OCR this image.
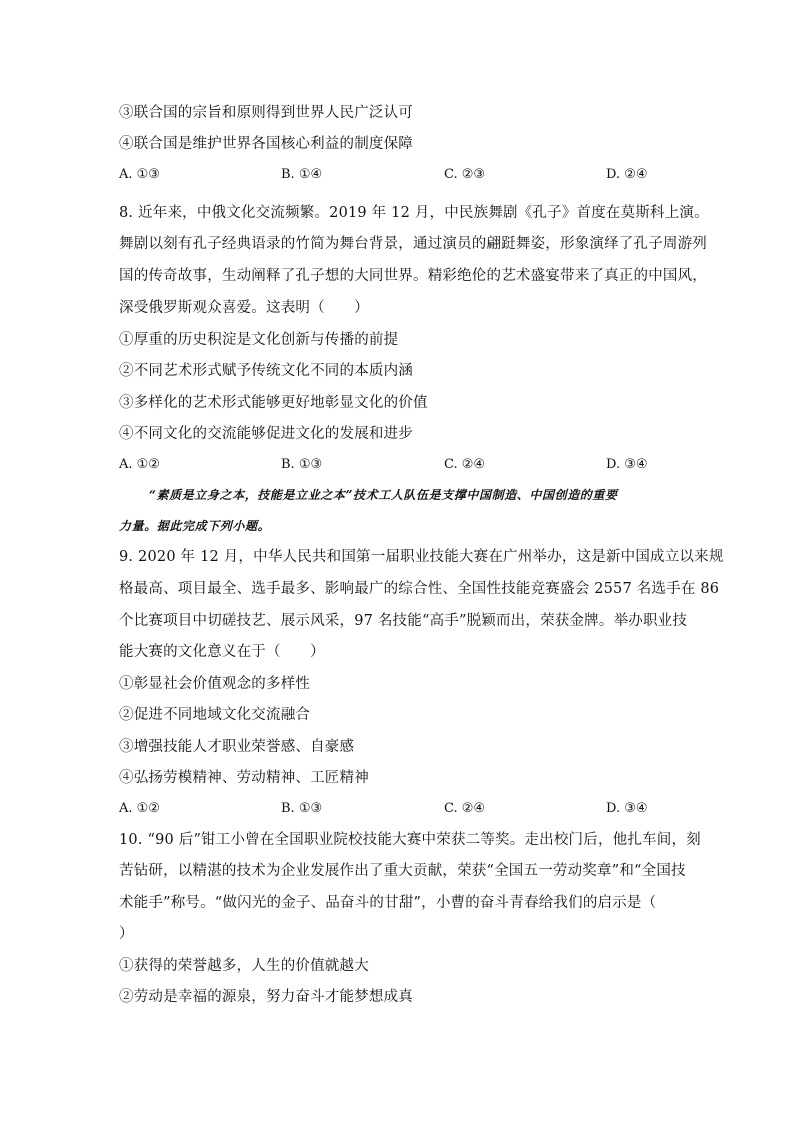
③联合国的宗旨和原则得到世界人民广泛认可
④联合国是维护世界各国核心利益的制度保障
A. ①③	B. ①④	C. ②③	D. ②④
8. 近年来，中俄文化交流频繁。2019 年 12 月，中民族舞剧《孔子》首度在莫斯科上演。
舞剧以刻有孔子经典语录的竹简为舞台背景，通过演员的翩跹舞姿，形象演绎了孔子周游列
国的传奇故事，生动阐释了孔子想的大同世界。精彩绝伦的艺术盛宴带来了真正的中国风，
深受俄罗斯观众喜爱。这表明（　　）
①厚重的历史积淀是文化创新与传播的前提
②不同艺术形式赋予传统文化不同的本质内涵
③多样化的艺术形式能够更好地彰显文化的价值
④不同文化的交流能够促进文化的发展和进步
A. ①②	B. ①③	C. ②④	D. ③④
“素质是立身之本，技能是立业之本”技术工人队伍是支撑中国制造、中国创造的重要
力量。据此完成下列小题。
9. 2020 年 12 月，中华人民共和国第一届职业技能大赛在广州举办，这是新中国成立以来规
格最高、项目最全、选手最多、影响最广的综合性、全国性技能竞赛盛会 2557 名选手在 86
个比赛项目中切磋技艺、展示风采，97 名技能“高手”脱颖而出，荣获金牌。举办职业技
能大赛的文化意义在于（　　）
①彰显社会价值观念的多样性
②促进不同地域文化交流融合
③增强技能人才职业荣誉感、自豪感
④弘扬劳模精神、劳动精神、工匠精神
A. ①②	B. ①③	C. ②④	D. ③④
10. “90 后”钳工小曾在全国职业院校技能大赛中荣获二等奖。走出校门后，他扎车间，刻
苦钻研，以精湛的技术为企业发展作出了重大贡献，荣获“全国五一劳动奖章”和“全国技
术能手”称号。“做闪光的金子、品奋斗的甘甜”，小曹的奋斗青春给我们的启示是（
）
①获得的荣誉越多，人生的价值就越大
②劳动是幸福的源泉，努力奋斗才能梦想成真
